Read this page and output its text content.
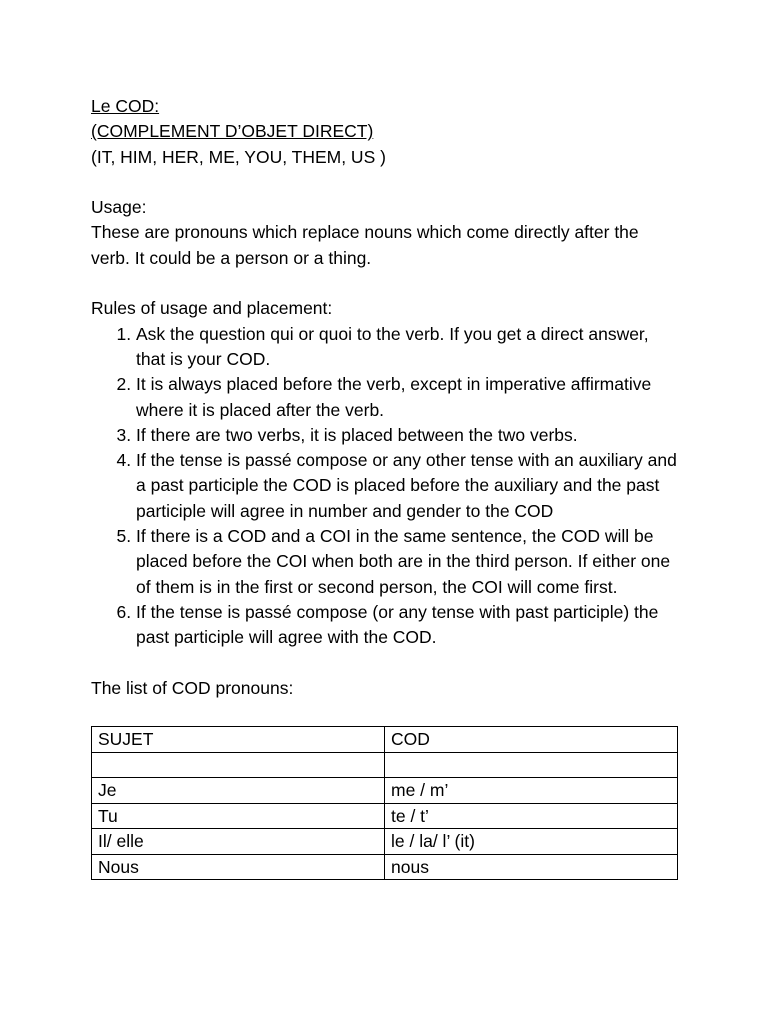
Le COD:

(COMPLEMENT D’OBJET DIRECT)

(IT, HIM, HER, ME, YOU, THEM, US )

Usage:

These are pronouns which replace nouns which come directly after the verb. It could be a person or a thing.

Rules of usage and placement:

1. Ask the question qui or quoi to the verb. If you get a direct answer, that is your COD.
2. It is always placed before the verb, except in imperative affirmative where it is placed after the verb.
3. If there are two verbs, it is placed between the two verbs.
4. If the tense is passé compose or any other tense with an auxiliary and a past participle the COD is placed before the auxiliary and the past participle will agree in number and gender to the COD
5. If there is a COD and a COI in the same sentence, the COD will be placed before the COI when both are in the third person. If either one of them is in the first or second person, the COI will come first.
6. If the tense is passé compose (or any tense with past participle) the past participle will agree with the COD.

The list of COD pronouns:

SUJET	COD

Je	me / m’
Tu	te / t’
Il/ elle	le / la/ l’ (it)
Nous	nous
